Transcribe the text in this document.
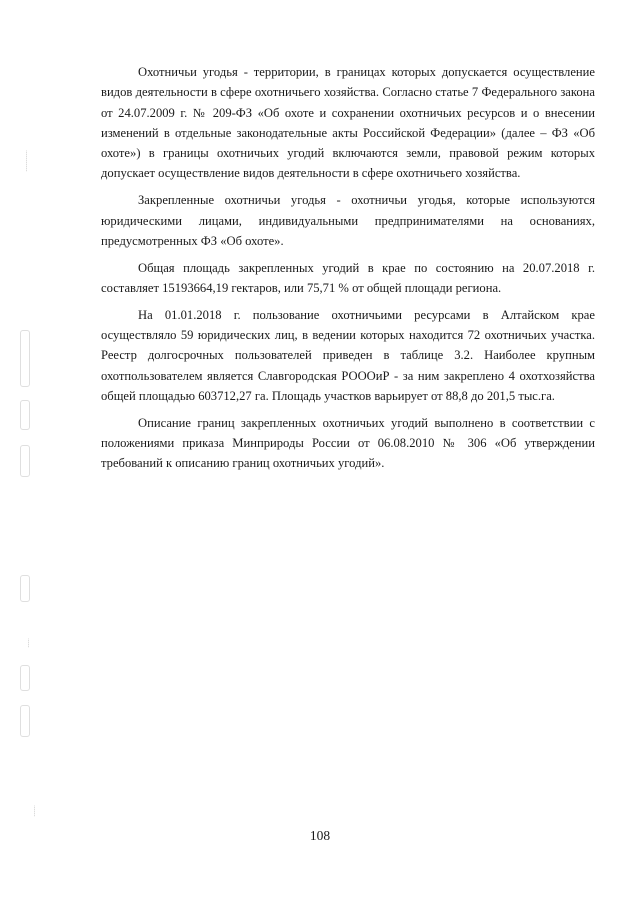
Охотничьи угодья - территории, в границах которых допускается осуществление видов деятельности в сфере охотничьего хозяйства. Согласно статье 7 Федерального закона от 24.07.2009 г. № 209-ФЗ «Об охоте и сохранении охотничьих ресурсов и о внесении изменений в отдельные законодательные акты Российской Федерации» (далее – ФЗ «Об охоте») в границы охотничьих угодий включаются земли, правовой режим которых допускает осуществление видов деятельности в сфере охотничьего хозяйства.

Закрепленные охотничьи угодья - охотничьи угодья, которые используются юридическими лицами, индивидуальными предпринимателями на основаниях, предусмотренных ФЗ «Об охоте».

Общая площадь закрепленных угодий в крае по состоянию на 20.07.2018 г. составляет 15193664,19 гектаров, или 75,71 % от общей площади региона.

На 01.01.2018 г. пользование охотничьими ресурсами в Алтайском крае осуществляло 59 юридических лиц, в ведении которых находится 72 охотничьих участка. Реестр долгосрочных пользователей приведен в таблице 3.2. Наиболее крупным охотпользователем является Славгородская РОООиР - за ним закреплено 4 охотхозяйства общей площадью 603712,27 га. Площадь участков варьирует от 88,8 до 201,5 тыс.га.

Описание границ закрепленных охотничьих угодий выполнено в соответствии с положениями приказа Минприроды России от 06.08.2010 № 306 «Об утверждении требований к описанию границ охотничьих угодий».

108
